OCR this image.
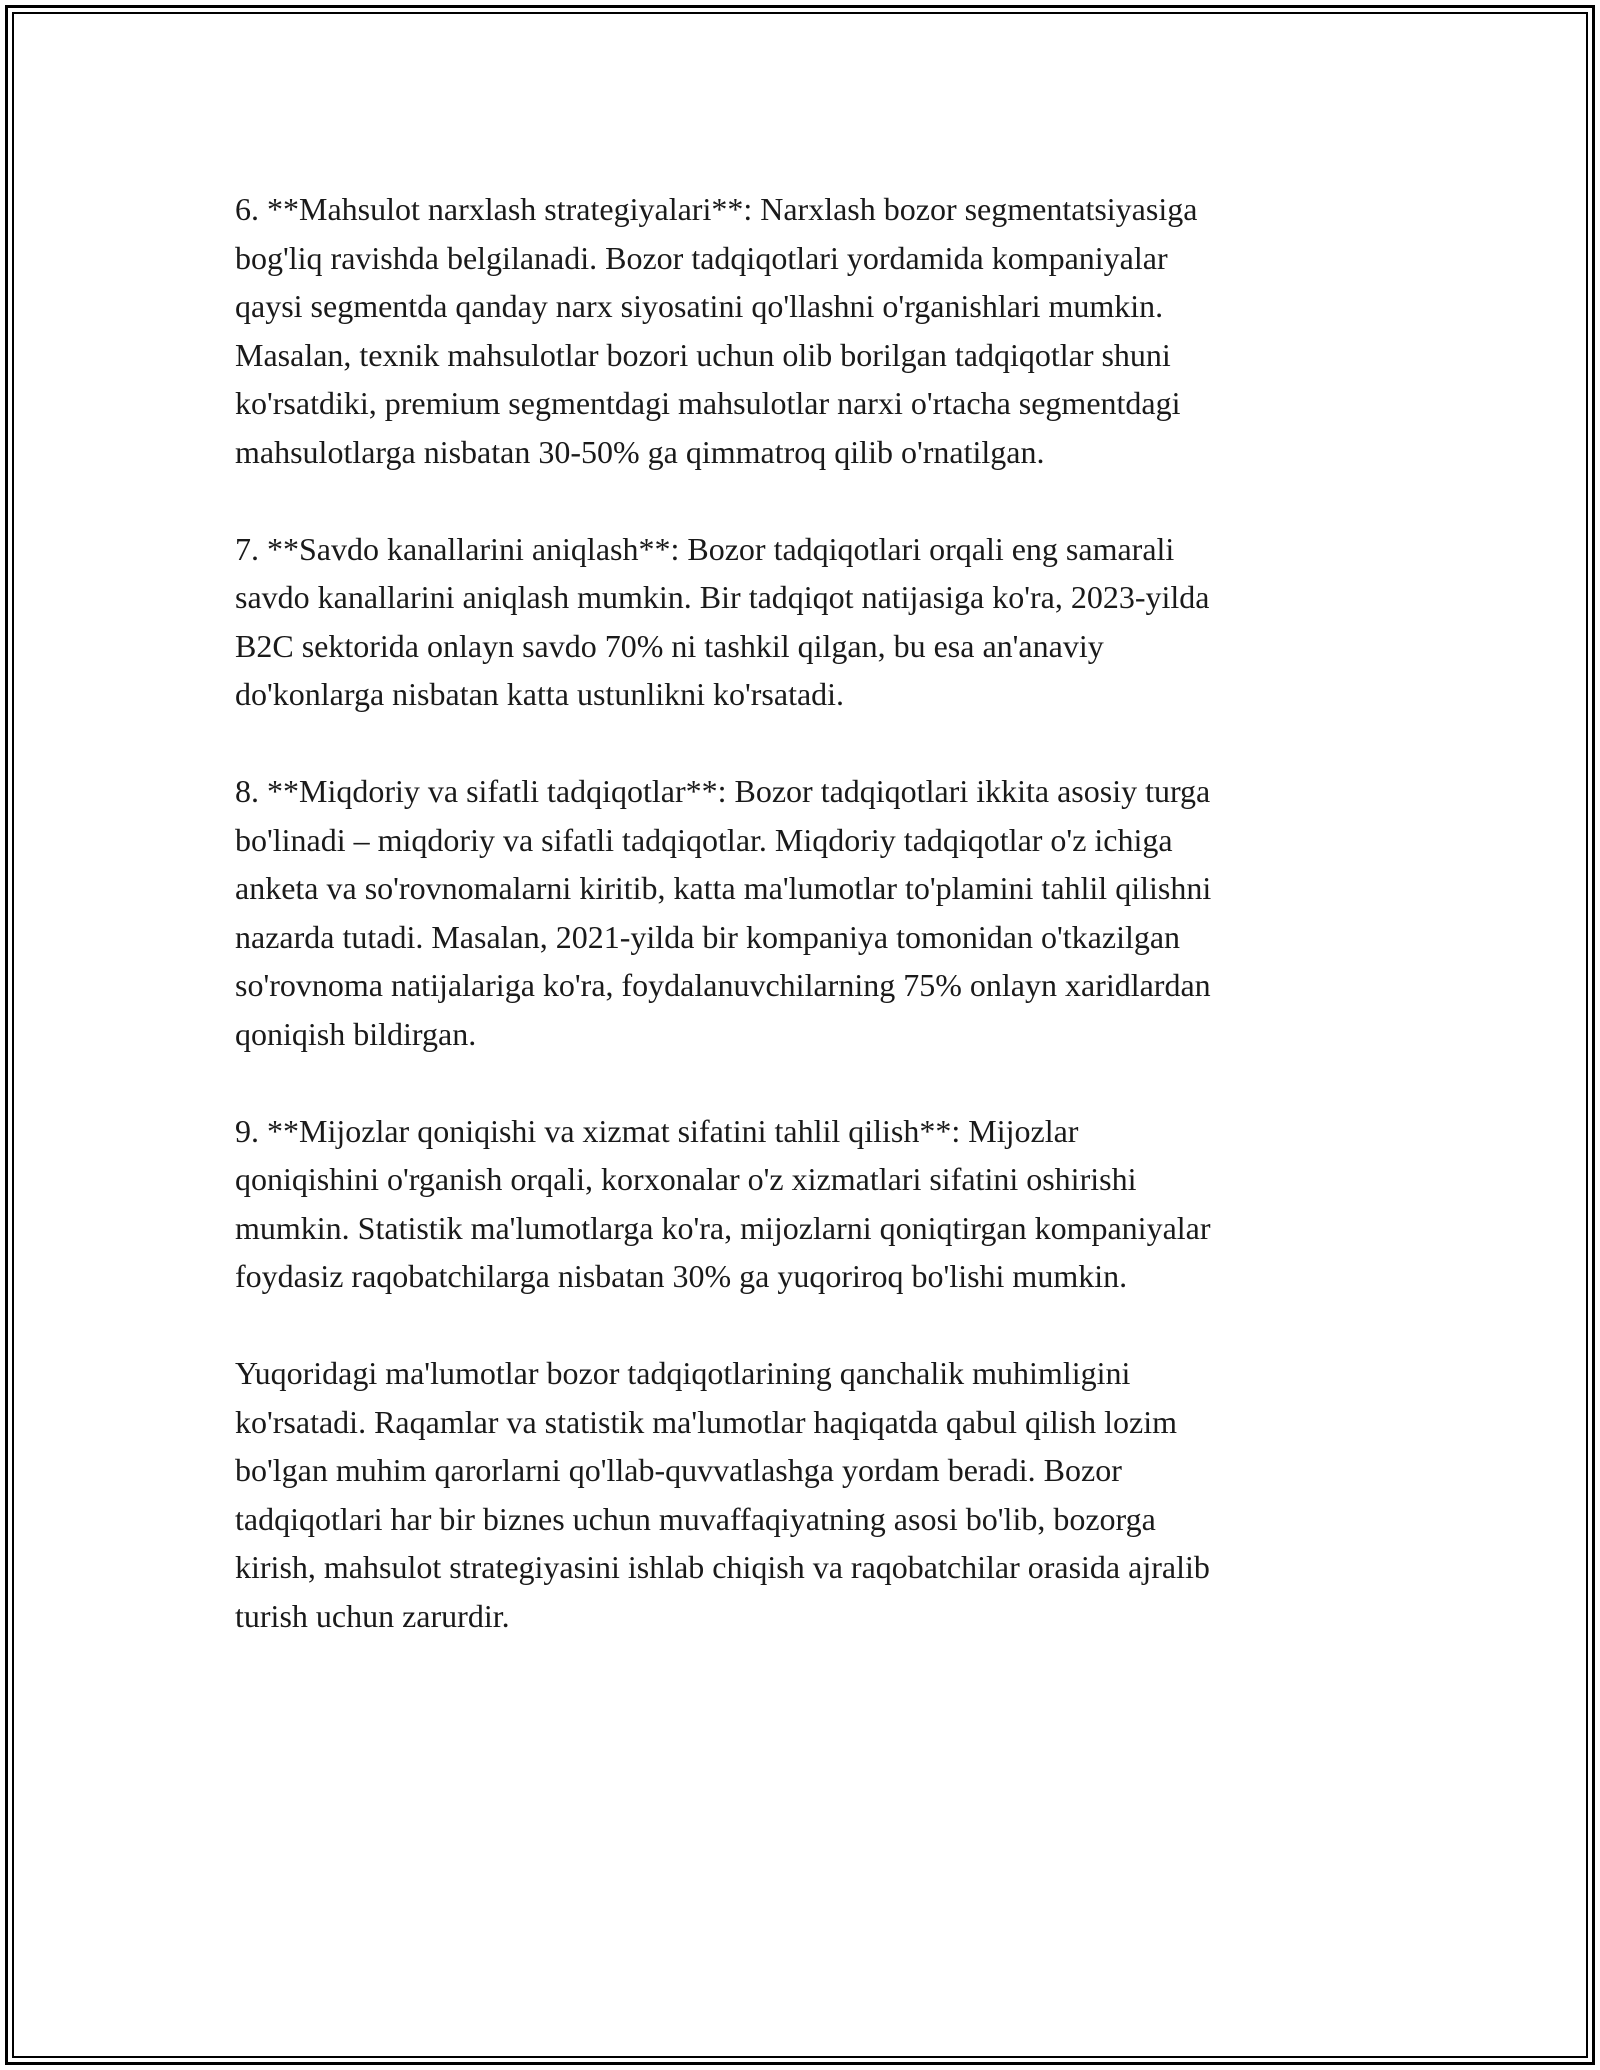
6. **Mahsulot narxlash strategiyalari**: Narxlash bozor segmentatsiyasiga
bog'liq ravishda belgilanadi. Bozor tadqiqotlari yordamida kompaniyalar
qaysi segmentda qanday narx siyosatini qo'llashni o'rganishlari mumkin.
Masalan, texnik mahsulotlar bozori uchun olib borilgan tadqiqotlar shuni
ko'rsatdiki, premium segmentdagi mahsulotlar narxi o'rtacha segmentdagi
mahsulotlarga nisbatan 30-50% ga qimmatroq qilib o'rnatilgan.

7. **Savdo kanallarini aniqlash**: Bozor tadqiqotlari orqali eng samarali
savdo kanallarini aniqlash mumkin. Bir tadqiqot natijasiga ko'ra, 2023-yilda
B2C sektorida onlayn savdo 70% ni tashkil qilgan, bu esa an'anaviy
do'konlarga nisbatan katta ustunlikni ko'rsatadi.

8. **Miqdoriy va sifatli tadqiqotlar**: Bozor tadqiqotlari ikkita asosiy turga
bo'linadi – miqdoriy va sifatli tadqiqotlar. Miqdoriy tadqiqotlar o'z ichiga
anketa va so'rovnomalarni kiritib, katta ma'lumotlar to'plamini tahlil qilishni
nazarda tutadi. Masalan, 2021-yilda bir kompaniya tomonidan o'tkazilgan
so'rovnoma natijalariga ko'ra, foydalanuvchilarning 75% onlayn xaridlardan
qoniqish bildirgan.

9. **Mijozlar qoniqishi va xizmat sifatini tahlil qilish**: Mijozlar
qoniqishini o'rganish orqali, korxonalar o'z xizmatlari sifatini oshirishi
mumkin. Statistik ma'lumotlarga ko'ra, mijozlarni qoniqtirgan kompaniyalar
foydasiz raqobatchilarga nisbatan 30% ga yuqoriroq bo'lishi mumkin.

Yuqoridagi ma'lumotlar bozor tadqiqotlarining qanchalik muhimligini
ko'rsatadi. Raqamlar va statistik ma'lumotlar haqiqatda qabul qilish lozim
bo'lgan muhim qarorlarni qo'llab-quvvatlashga yordam beradi. Bozor
tadqiqotlari har bir biznes uchun muvaffaqiyatning asosi bo'lib, bozorga
kirish, mahsulot strategiyasini ishlab chiqish va raqobatchilar orasida ajralib
turish uchun zarurdir.
